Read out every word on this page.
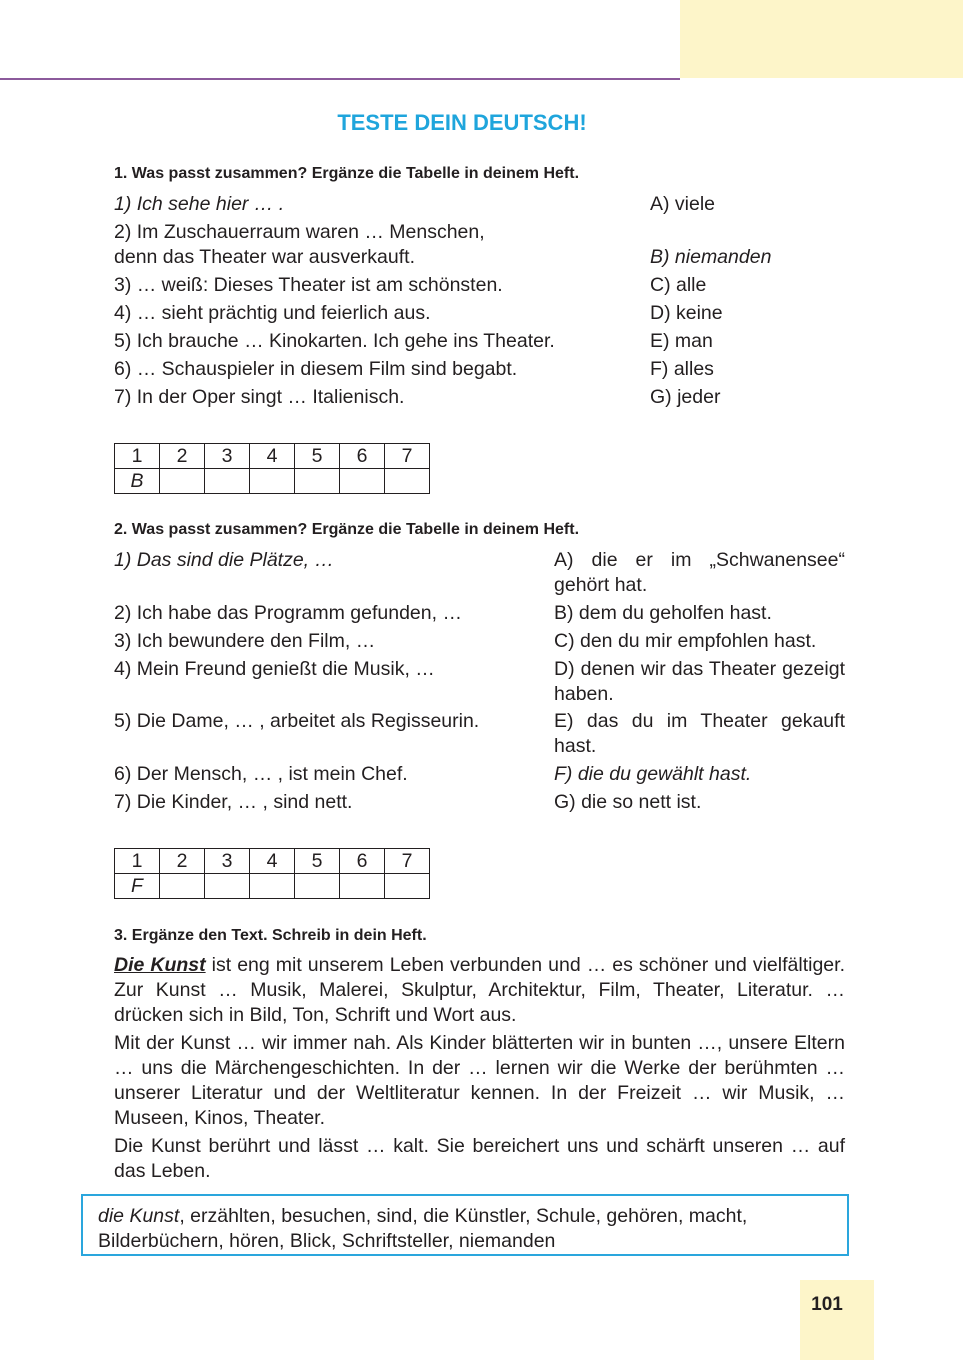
TESTE DEIN DEUTSCH!
1. Was passt zusammen? Ergänze die Tabelle in deinem Heft.
1) Ich sehe hier … .
2) Im Zuschauerraum waren … Menschen,
denn das Theater war ausverkauft.
3) … weiß: Dieses Theater ist am schönsten.
4) … sieht prächtig und feierlich aus.
5) Ich brauche … Kinokarten. Ich gehe ins Theater.
6) … Schauspieler in diesem Film sind begabt.
7) In der Oper singt … Italienisch.
A) viele
B) niemanden
C) alle
D) keine
E) man
F) alles
G) jeder
1	2	3	4	5	6	7
B						
2. Was passt zusammen? Ergänze die Tabelle in deinem Heft.
1) Das sind die Plätze, …
2) Ich habe das Programm gefunden, …
3) Ich bewundere den Film, …
4) Mein Freund genießt die Musik, …
5) Die Dame, … , arbeitet als Regisseurin.
6) Der Mensch, … , ist mein Chef.
7) Die Kinder, … , sind nett.
A) die er im „Schwanensee“ gehört hat.
B) dem du geholfen hast.
C) den du mir empfohlen hast.
D) denen wir das Theater gezeigt haben.
E) das du im Theater gekauft hast.
F) die du gewählt hast.
G) die so nett ist.
1	2	3	4	5	6	7
F						
3. Ergänze den Text. Schreib in dein Heft.
Die Kunst ist eng mit unserem Leben verbunden und … es schöner und vielfältiger. Zur Kunst … Musik, Malerei, Skulptur, Architektur, Film, Theater, Literatur. … drücken sich in Bild, Ton, Schrift und Wort aus.
Mit der Kunst … wir immer nah. Als Kinder blätterten wir in bunten …, unsere Eltern … uns die Märchengeschichten. In der … lernen wir die Werke der berühmten … unserer Literatur und der Weltliteratur kennen. In der Freizeit … wir Musik, … Museen, Kinos, Theater.
Die Kunst berührt und lässt … kalt. Sie bereichert uns und schärft unseren … auf das Leben.
die Kunst, erzählten, besuchen, sind, die Künstler, Schule, gehören, macht, Bilderbüchern, hören, Blick, Schriftsteller, niemanden
101
